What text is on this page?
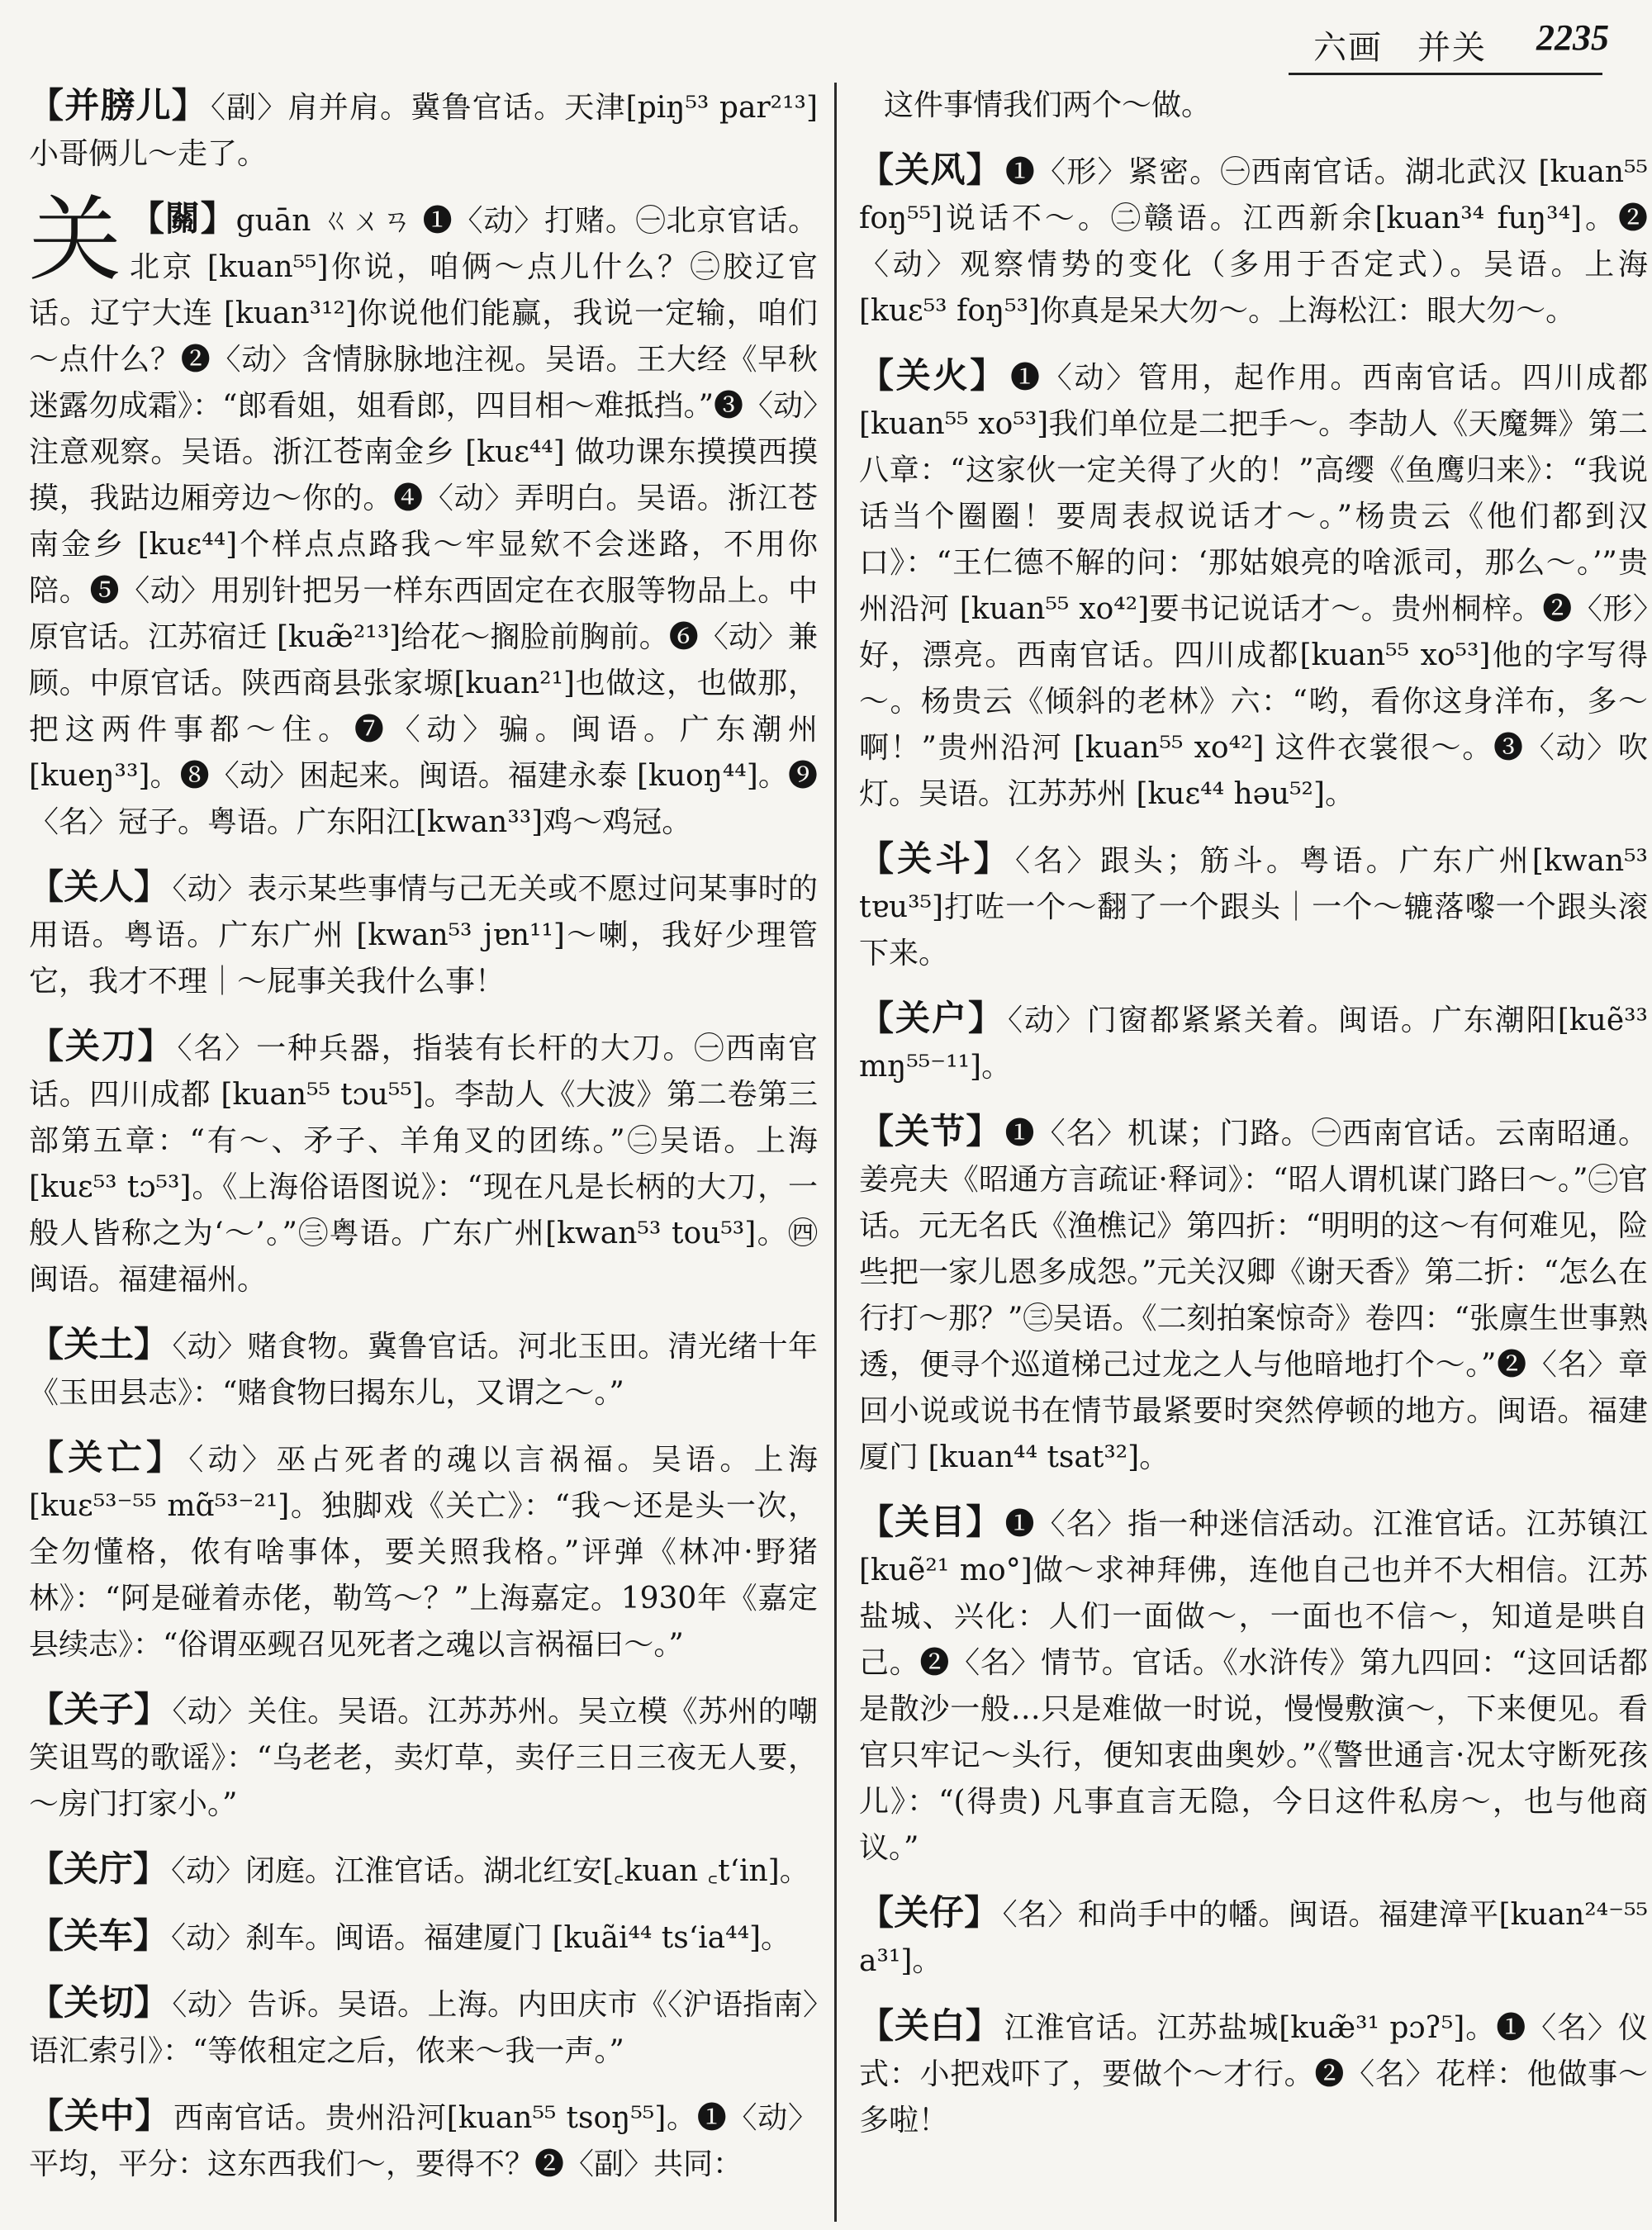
六画　并关 2235

【并膀儿】 〈副〉肩并肩。冀鲁官话。天津[piŋ⁵³ par²¹³] 小哥俩儿～走了。

关 【關】guān ㄍㄨㄢ ❶〈动〉打赌。㊀北京官话。北京 [kuan⁵⁵]你说，咱俩～点儿什么？㊁胶辽官话。辽宁大连 [kuan³¹²]你说他们能赢，我说一定输，咱们～点什么？❷〈动〉含情脉脉地注视。吴语。王大经《早秋迷露勿成霜》：“郎看姐，姐看郎，四目相～难抵挡。”❸〈动〉注意观察。吴语。浙江苍南金乡 [kuɛ⁴⁴] 做功课东摸摸西摸摸，我跍边厢旁边～你的。❹〈动〉弄明白。吴语。浙江苍南金乡 [kuɛ⁴⁴]个样点点路我～牢显欸不会迷路，不用你陪。❺〈动〉用别针把另一样东西固定在衣服等物品上。中原官话。江苏宿迁 [kuæ̃²¹³]给花～搁脸前胸前。❻〈动〉兼顾。中原官话。陕西商县张家塬[kuan²¹]也做这，也做那，把这两件事都～住。❼〈动〉骗。闽语。广东潮州[kueŋ³³]。❽〈动〉困起来。闽语。福建永泰 [kuoŋ⁴⁴]。❾〈名〉冠子。粤语。广东阳江[kwan³³]鸡～鸡冠。

【关人】 〈动〉表示某些事情与己无关或不愿过问某事时的用语。粤语。广东广州 [kwan⁵³ jɐn¹¹]～喇，我好少理管它，我才不理｜～屁事关我什么事！

【关刀】 〈名〉一种兵器，指装有长杆的大刀。㊀西南官话。四川成都 [kuan⁵⁵ tɔu⁵⁵]。李劼人《大波》第二卷第三部第五章：“有～、矛子、羊角叉的团练。”㊁吴语。上海[kuɛ⁵³ tɔ⁵³]。《上海俗语图说》：“现在凡是长柄的大刀，一般人皆称之为‘～’。”㊂粤语。广东广州[kwan⁵³ tou⁵³]。㊃闽语。福建福州。

【关土】 〈动〉赌食物。冀鲁官话。河北玉田。清光绪十年《玉田县志》：“赌食物曰揭东儿，又谓之～。”

【关亡】 〈动〉巫占死者的魂以言祸福。吴语。上海 [kuɛ⁵³⁻⁵⁵ mɑ̃⁵³⁻²¹]。独脚戏《关亡》：“我～还是头一次，全勿懂格，侬有啥事体，要关照我格。”评弹《林冲·野猪林》：“阿是碰着赤佬，勒笃～？”上海嘉定。1930年《嘉定县续志》：“俗谓巫觋召见死者之魂以言祸福曰～。”

【关子】 〈动〉关住。吴语。江苏苏州。吴立模《苏州的嘲笑诅骂的歌谣》：“乌老老，卖灯草，卖仔三日三夜无人要，～房门打家小。”

【关庁】 〈动〉闭庭。江淮官话。湖北红安[꜀kuan ꜀t‘in]。

【关车】 〈动〉刹车。闽语。福建厦门 [kuãi⁴⁴ ts‘ia⁴⁴]。

【关切】 〈动〉告诉。吴语。上海。内田庆市《〈沪语指南〉语汇索引》：“等侬租定之后，侬来～我一声。”

【关中】 西南官话。贵州沿河[kuan⁵⁵ tsoŋ⁵⁵]。❶〈动〉平均，平分：这东西我们～，要得不？❷〈副〉共同：

这件事情我们两个～做。

【关风】 ❶〈形〉紧密。㊀西南官话。湖北武汉 [kuan⁵⁵ foŋ⁵⁵]说话不～。㊁赣语。江西新余[kuan³⁴ fuŋ³⁴]。❷〈动〉观察情势的变化（多用于否定式）。吴语。上海 [kuɛ⁵³ foŋ⁵³]你真是呆大勿～。上海松江：眼大勿～。

【关火】 ❶〈动〉管用，起作用。西南官话。四川成都 [kuan⁵⁵ xo⁵³]我们单位是二把手～。李劼人《天魔舞》第二八章：“这家伙一定关得了火的！”高缨《鱼鹰归来》：“我说话当个圈圈！要周表叔说话才～。”杨贵云《他们都到汉口》：“王仁德不解的问：‘那姑娘亮的啥派司，那么～。’”贵州沿河 [kuan⁵⁵ xo⁴²]要书记说话才～。贵州桐梓。❷〈形〉好，漂亮。西南官话。四川成都[kuan⁵⁵ xo⁵³]他的字写得～。杨贵云《倾斜的老林》六：“哟，看你这身洋布，多～啊！”贵州沿河 [kuan⁵⁵ xo⁴²] 这件衣裳很～。❸〈动〉吹灯。吴语。江苏苏州 [kuɛ⁴⁴ həu⁵²]。

【关斗】 〈名〉跟头；筋斗。粤语。广东广州[kwan⁵³ tɐu³⁵]打咗一个～翻了一个跟头｜一个～辘落嚟一个跟头滚下来。

【关户】 〈动〉门窗都紧紧关着。闽语。广东潮阳[kuẽ³³ mŋ⁵⁵⁻¹¹]。

【关节】 ❶〈名〉机谋；门路。㊀西南官话。云南昭通。姜亮夫《昭通方言疏证·释词》：“昭人谓机谋门路曰～。”㊁官话。元无名氏《渔樵记》第四折：“明明的这～有何难见，险些把一家儿恩多成怨。”元关汉卿《谢天香》第二折：“怎么在行打～那？”㊂吴语。《二刻拍案惊奇》卷四：“张廪生世事熟透，便寻个巡道梯己过龙之人与他暗地打个～。”❷〈名〉章回小说或说书在情节最紧要时突然停顿的地方。闽语。福建厦门 [kuan⁴⁴ tsat³²]。

【关目】 ❶〈名〉指一种迷信活动。江淮官话。江苏镇江 [kuẽ²¹ mo°]做～求神拜佛，连他自己也并不大相信。江苏盐城、兴化：人们一面做～，一面也不信～，知道是哄自己。❷〈名〉情节。官话。《水浒传》第九四回：“这回话都是散沙一般…只是难做一时说，慢慢敷演～，下来便见。看官只牢记～头行，便知衷曲奥妙。”《警世通言·况太守断死孩儿》：“(得贵) 凡事直言无隐，今日这件私房～，也与他商议。”

【关仔】 〈名〉和尚手中的幡。闽语。福建漳平[kuan²⁴⁻⁵⁵ a³¹]。

【关白】 江淮官话。江苏盐城[kuæ̃³¹ pɔʔ⁵]。❶〈名〉仪式：小把戏吓了，要做个～才行。❷〈名〉花样：他做事～多啦！
